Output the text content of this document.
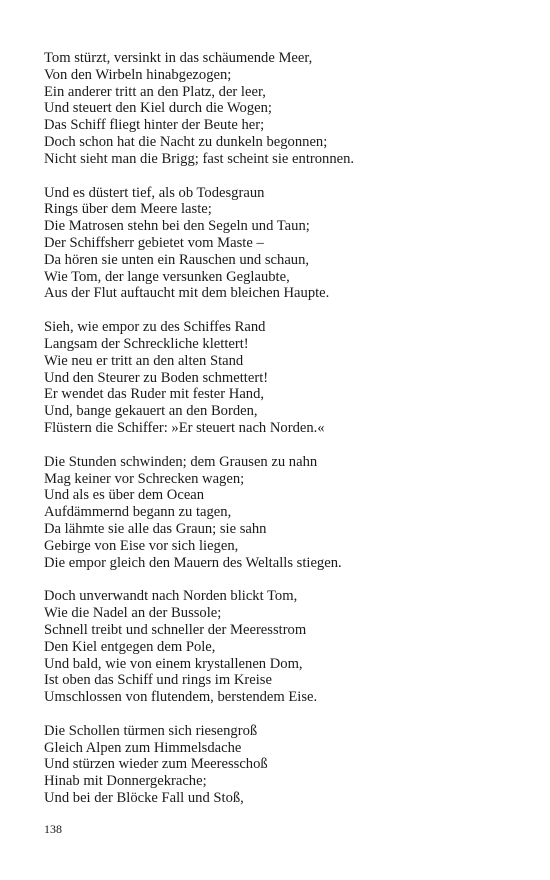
Tom stürzt, versinkt in das schäumende Meer,
Von den Wirbeln hinabgezogen;
Ein anderer tritt an den Platz, der leer,
Und steuert den Kiel durch die Wogen;
Das Schiff fliegt hinter der Beute her;
Doch schon hat die Nacht zu dunkeln begonnen;
Nicht sieht man die Brigg; fast scheint sie entronnen.
Und es düstert tief, als ob Todesgraun
Rings über dem Meere laste;
Die Matrosen stehn bei den Segeln und Taun;
Der Schiffsherr gebietet vom Maste –
Da hören sie unten ein Rauschen und schaun,
Wie Tom, der lange versunken Geglaubte,
Aus der Flut auftaucht mit dem bleichen Haupte.
Sieh, wie empor zu des Schiffes Rand
Langsam der Schreckliche klettert!
Wie neu er tritt an den alten Stand
Und den Steurer zu Boden schmettert!
Er wendet das Ruder mit fester Hand,
Und, bange gekauert an den Borden,
Flüstern die Schiffer: »Er steuert nach Norden.«
Die Stunden schwinden; dem Grausen zu nahn
Mag keiner vor Schrecken wagen;
Und als es über dem Ocean
Aufdämmernd begann zu tagen,
Da lähmte sie alle das Graun; sie sahn
Gebirge von Eise vor sich liegen,
Die empor gleich den Mauern des Weltalls stiegen.
Doch unverwandt nach Norden blickt Tom,
Wie die Nadel an der Bussole;
Schnell treibt und schneller der Meeresstrom
Den Kiel entgegen dem Pole,
Und bald, wie von einem krystallenen Dom,
Ist oben das Schiff und rings im Kreise
Umschlossen von flutendem, berstendem Eise.
Die Schollen türmen sich riesengroß
Gleich Alpen zum Himmelsdache
Und stürzen wieder zum Meeresschoß
Hinab mit Donnergekrache;
Und bei der Blöcke Fall und Stoß,
138
